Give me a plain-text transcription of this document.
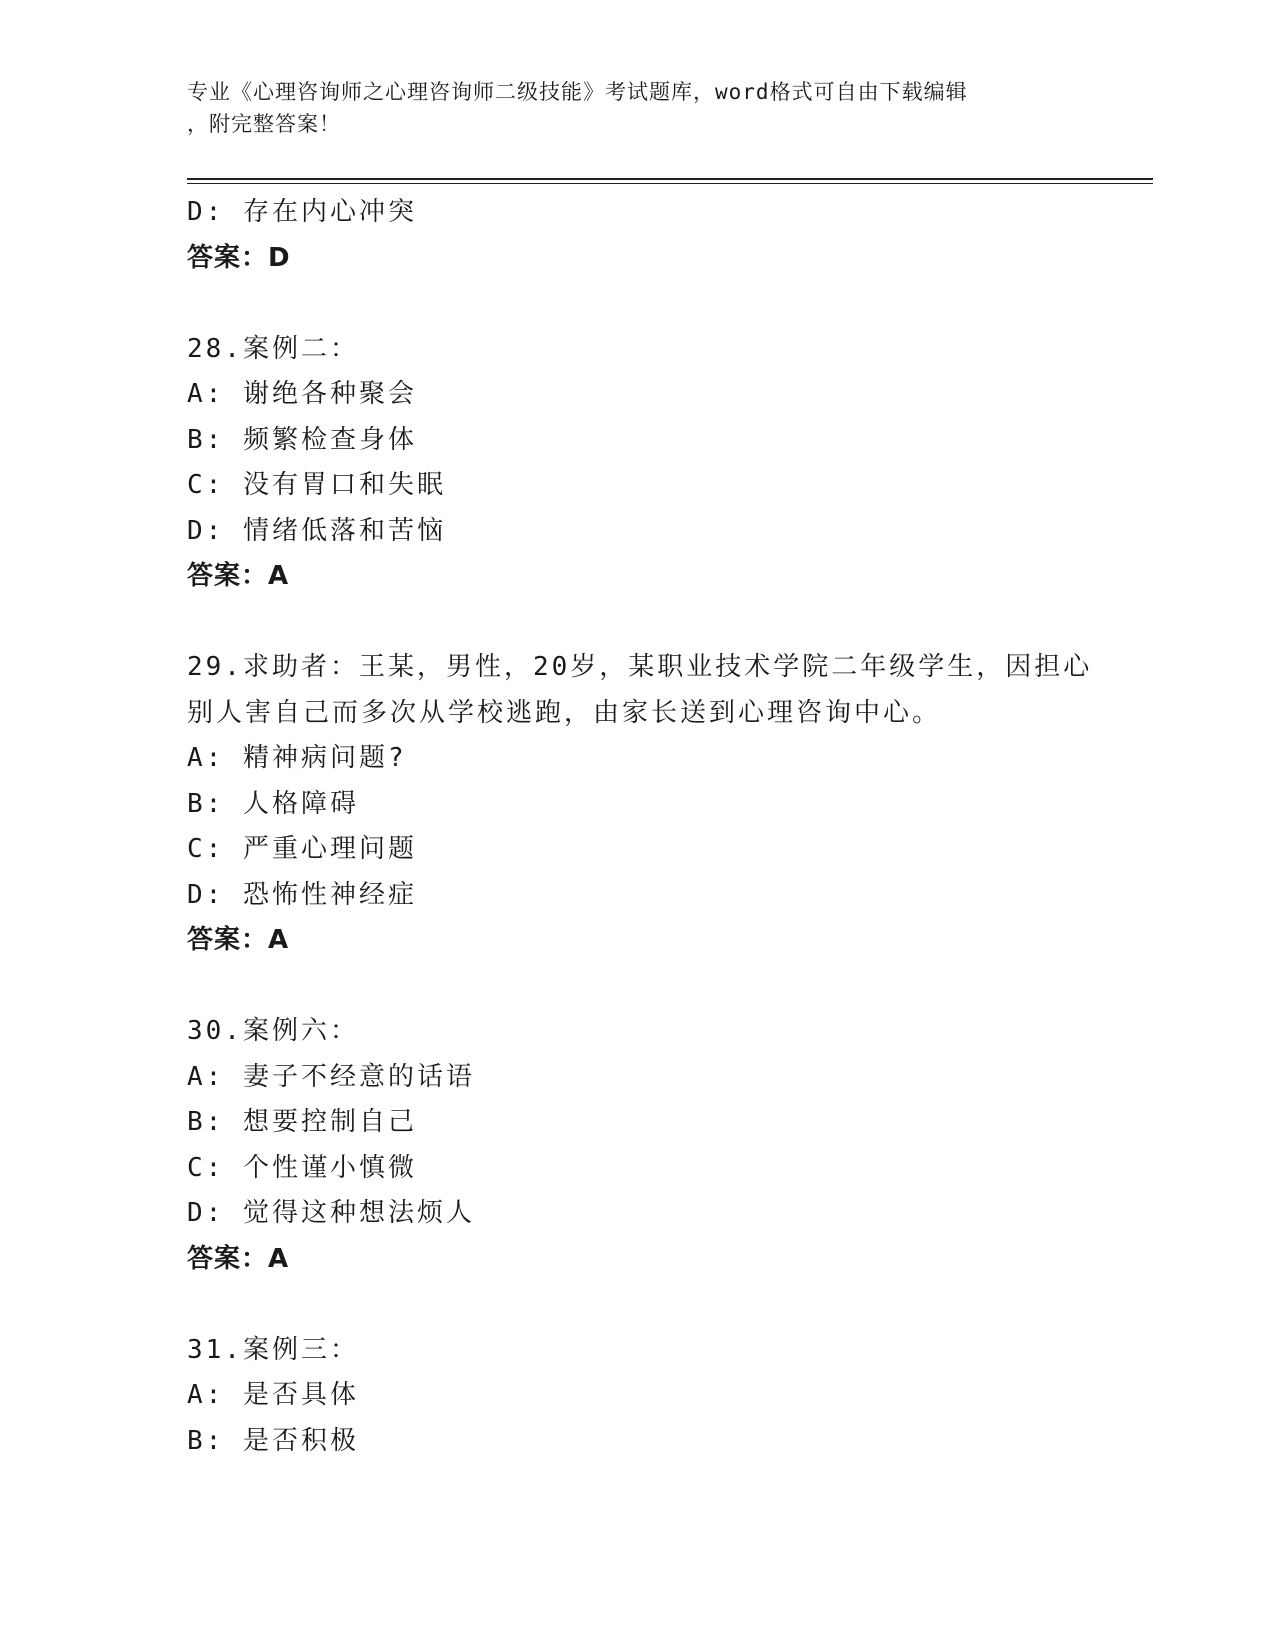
专业《心理咨询师之心理咨询师二级技能》考试题库，word格式可自由下载编辑
，附完整答案！
D: 存在内心冲突
答案：D
28.案例二：
A: 谢绝各种聚会
B: 频繁检查身体
C: 没有胃口和失眠
D: 情绪低落和苦恼
答案：A
29.求助者：王某，男性，20岁，某职业技术学院二年级学生，因担心
别人害自己而多次从学校逃跑，由家长送到心理咨询中心。
A: 精神病问题?
B: 人格障碍
C: 严重心理问题
D: 恐怖性神经症
答案：A
30.案例六：
A: 妻子不经意的话语
B: 想要控制自己
C: 个性谨小慎微
D: 觉得这种想法烦人
答案：A
31.案例三：
A: 是否具体
B: 是否积极
